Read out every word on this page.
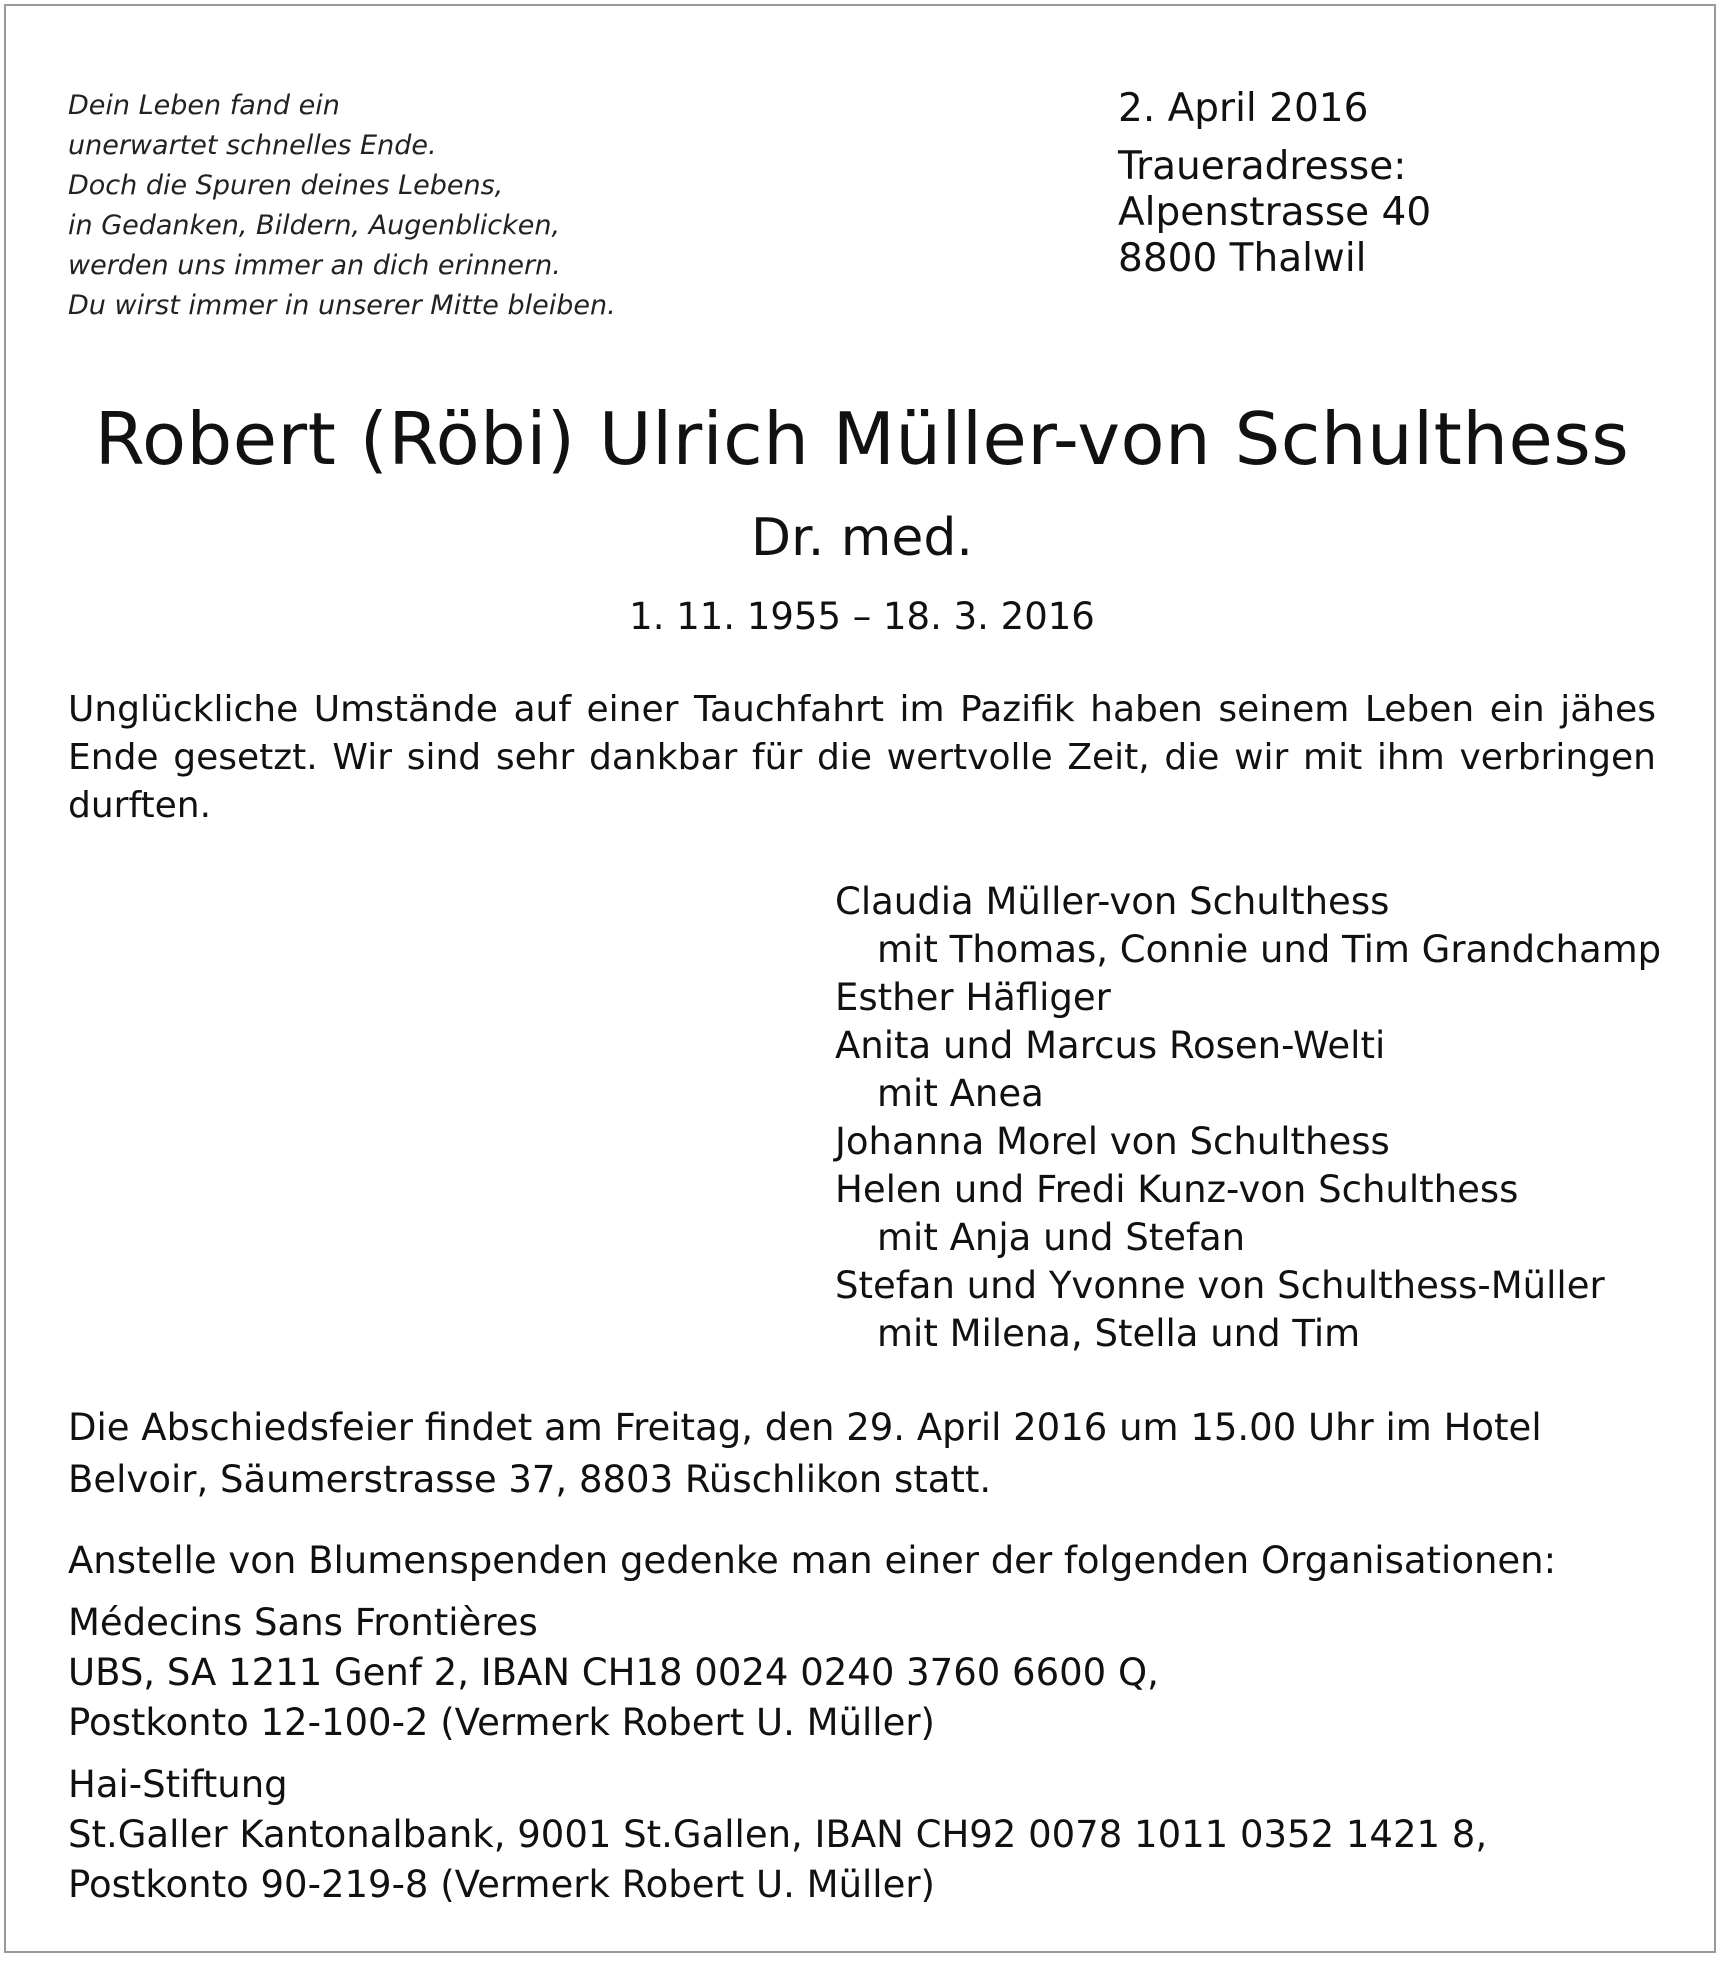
Dein Leben fand ein
unerwartet schnelles Ende.
Doch die Spuren deines Lebens,
in Gedanken, Bildern, Augenblicken,
werden uns immer an dich erinnern.
Du wirst immer in unserer Mitte bleiben.
2. April 2016
Traueradresse:
Alpenstrasse 40
8800 Thalwil
Robert (Röbi) Ulrich Müller-von Schulthess
Dr. med.
1. 11. 1955 – 18. 3. 2016
Unglückliche Umstände auf einer Tauchfahrt im Pazifik haben seinem Leben ein jähes Ende gesetzt. Wir sind sehr dankbar für die wertvolle Zeit, die wir mit ihm verbringen durften.
Claudia Müller-von Schulthess
mit Thomas, Connie und Tim Grandchamp
Esther Häfliger
Anita und Marcus Rosen-Welti
mit Anea
Johanna Morel von Schulthess
Helen und Fredi Kunz-von Schulthess
mit Anja und Stefan
Stefan und Yvonne von Schulthess-Müller
mit Milena, Stella und Tim
Die Abschiedsfeier findet am Freitag, den 29. April 2016 um 15.00 Uhr im Hotel
Belvoir, Säumerstrasse 37, 8803 Rüschlikon statt.
Anstelle von Blumenspenden gedenke man einer der folgenden Organisationen:
Médecins Sans Frontières
UBS, SA 1211 Genf 2, IBAN CH18 0024 0240 3760 6600 Q,
Postkonto 12-100-2 (Vermerk Robert U. Müller)
Hai-Stiftung
St.Galler Kantonalbank, 9001 St.Gallen, IBAN CH92 0078 1011 0352 1421 8,
Postkonto 90-219-8 (Vermerk Robert U. Müller)
